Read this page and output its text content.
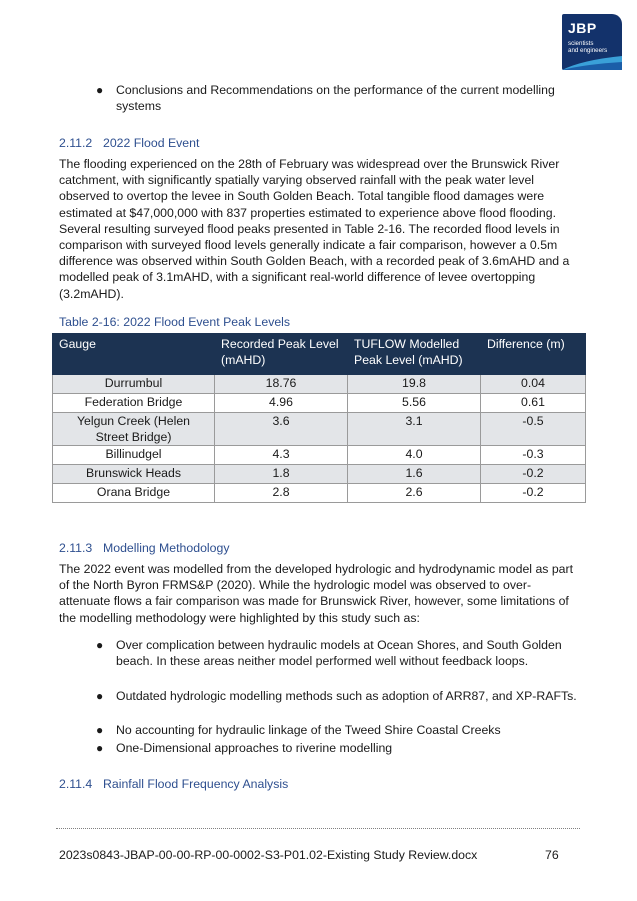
JBP
scientists
and engineers
● Conclusions and Recommendations on the performance of the current modelling systems
2.11.2 2022 Flood Event
The flooding experienced on the 28th of February was widespread over the Brunswick River catchment, with significantly spatially varying observed rainfall with the peak water level observed to overtop the levee in South Golden Beach. Total tangible flood damages were estimated at $47,000,000 with 837 properties estimated to experience above flood flooding. Several resulting surveyed flood peaks presented in Table 2-16. The recorded flood levels in comparison with surveyed flood levels generally indicate a fair comparison, however a 0.5m difference was observed within South Golden Beach, with a recorded peak of 3.6mAHD and a modelled peak of 3.1mAHD, with a significant real-world difference of levee overtopping (3.2mAHD).
Table 2-16: 2022 Flood Event Peak Levels
Gauge	Recorded Peak Level (mAHD)	TUFLOW Modelled Peak Level (mAHD)	Difference (m)
Durrumbul	18.76	19.8	0.04
Federation Bridge	4.96	5.56	0.61
Yelgun Creek (Helen Street Bridge)	3.6	3.1	-0.5
Billinudgel	4.3	4.0	-0.3
Brunswick Heads	1.8	1.6	-0.2
Orana Bridge	2.8	2.6	-0.2
2.11.3 Modelling Methodology
The 2022 event was modelled from the developed hydrologic and hydrodynamic model as part of the North Byron FRMS&P (2020). While the hydrologic model was observed to over-attenuate flows a fair comparison was made for Brunswick River, however, some limitations of the modelling methodology were highlighted by this study such as:
● Over complication between hydraulic models at Ocean Shores, and South Golden beach. In these areas neither model performed well without feedback loops.
● Outdated hydrologic modelling methods such as adoption of ARR87, and XP-RAFTs.
● No accounting for hydraulic linkage of the Tweed Shire Coastal Creeks
● One-Dimensional approaches to riverine modelling
2.11.4 Rainfall Flood Frequency Analysis
2023s0843-JBAP-00-00-RP-00-0002-S3-P01.02-Existing Study Review.docx	76
